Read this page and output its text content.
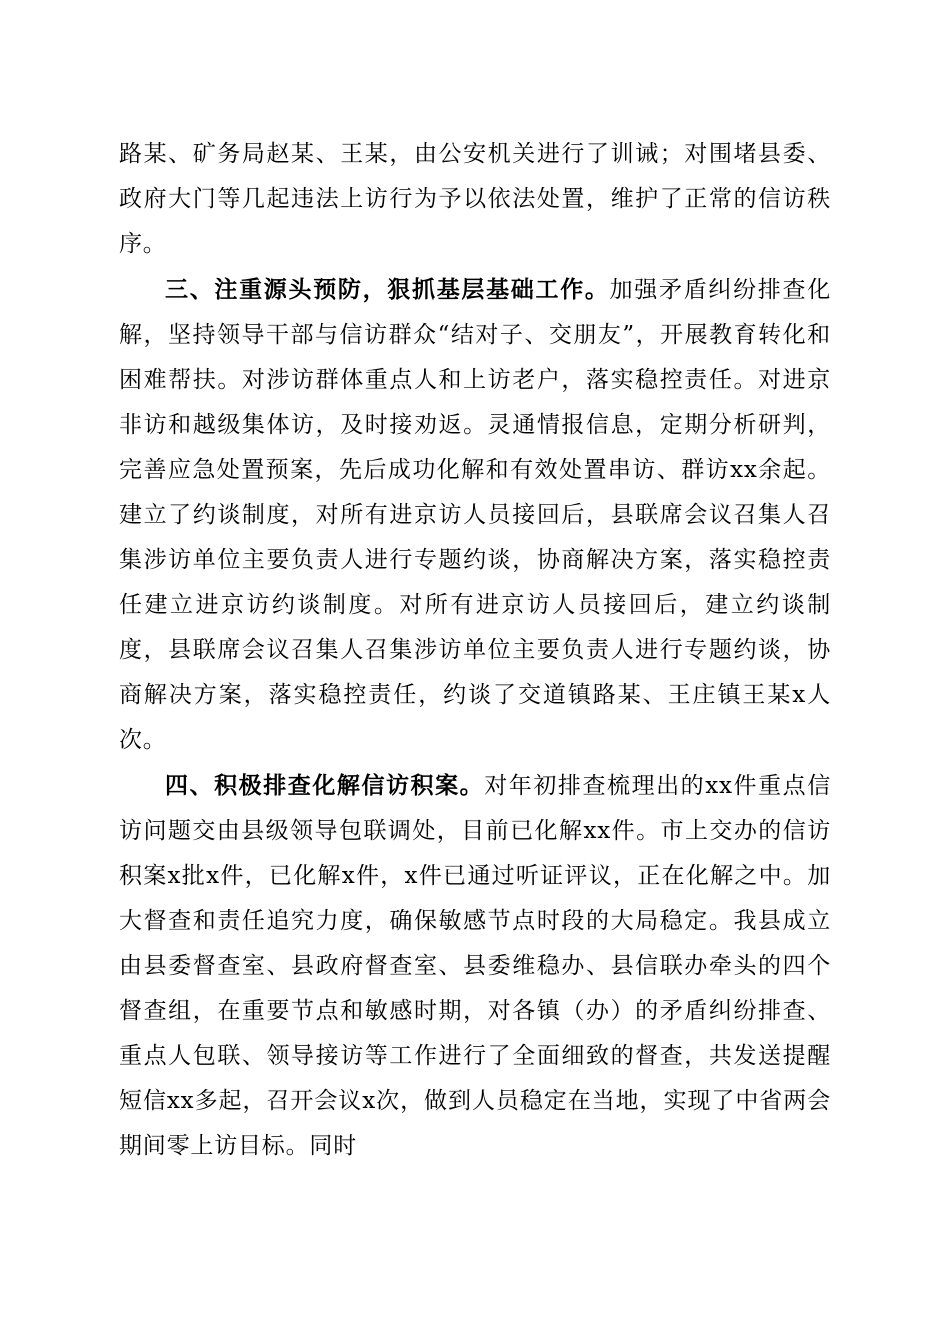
路某、矿务局赵某、王某，由公安机关进行了训诫；对围堵县委、政府大门等几起违法上访行为予以依法处置，维护了正常的信访秩序。

三、注重源头预防，狠抓基层基础工作。加强矛盾纠纷排查化解，坚持领导干部与信访群众“结对子、交朋友”，开展教育转化和困难帮扶。对涉访群体重点人和上访老户，落实稳控责任。对进京非访和越级集体访，及时接劝返。灵通情报信息，定期分析研判，完善应急处置预案，先后成功化解和有效处置串访、群访xx余起。建立了约谈制度，对所有进京访人员接回后，县联席会议召集人召集涉访单位主要负责人进行专题约谈，协商解决方案，落实稳控责任建立进京访约谈制度。对所有进京访人员接回后，建立约谈制度，县联席会议召集人召集涉访单位主要负责人进行专题约谈，协商解决方案，落实稳控责任，约谈了交道镇路某、王庄镇王某x人次。

四、积极排查化解信访积案。对年初排查梳理出的xx件重点信访问题交由县级领导包联调处，目前已化解xx件。市上交办的信访积案x批x件，已化解x件，x件已通过听证评议，正在化解之中。加大督查和责任追究力度，确保敏感节点时段的大局稳定。我县成立由县委督查室、县政府督查室、县委维稳办、县信联办牵头的四个督查组，在重要节点和敏感时期，对各镇（办）的矛盾纠纷排查、重点人包联、领导接访等工作进行了全面细致的督查，共发送提醒短信xx多起，召开会议x次，做到人员稳定在当地，实现了中省两会期间零上访目标。同时
